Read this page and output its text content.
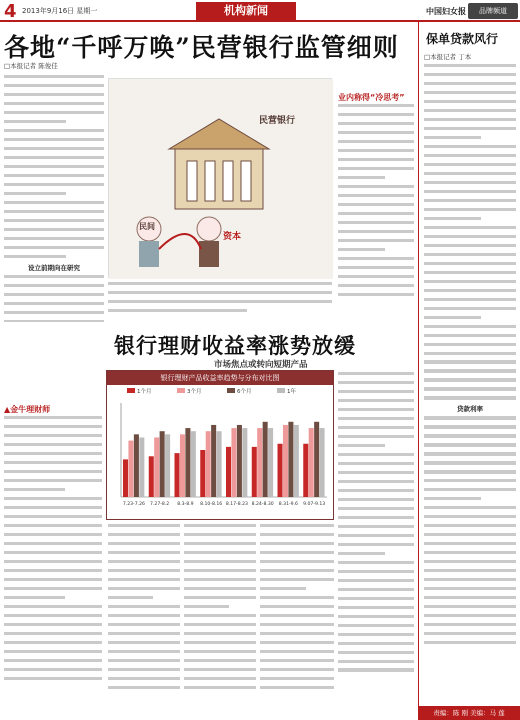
4 2013年9月16日 星期一	机构新闻	中国妇女报	品牌频道
各地“千呼万唤”民营银行监管细则
□本报记者 陈俊佳
设立前期向在研究
民营银行
资本
民间
业内称得“冷思考”
保单贷款风行
□本报记者 丁本
贷款利率
责编：陈 刚 美编：马 莲
银行理财收益率涨势放缓
市场焦点或转向短期产品
▲金牛理财师
银行理财产品收益率趋势与分布对比图
1个月	3个月	6个月	1年
7.23-7.26 7.27-8.2 8.3-8.9 8.10-8.16 8.17-8.23 8.24-8.30 8.31-9.6 9.07-9.13
